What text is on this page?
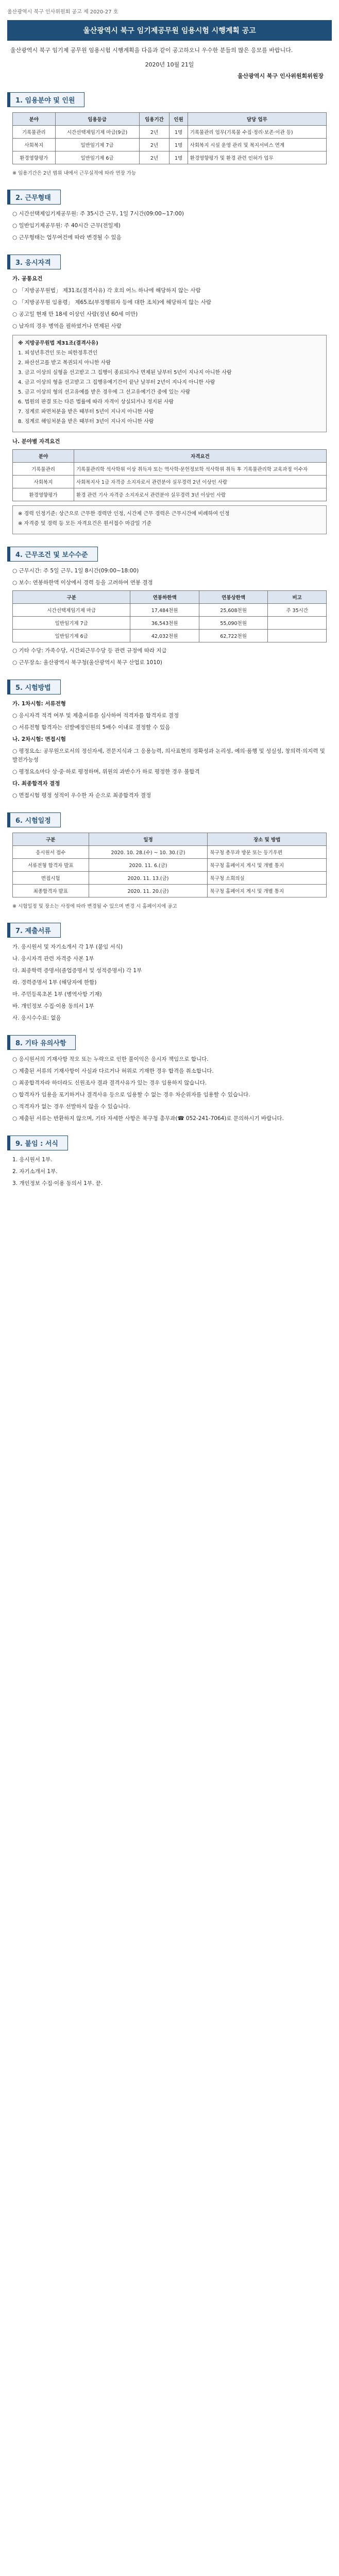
울산광역시 북구 인사위원회 공고 제 2020-27 호
울산광역시 북구 임기제공무원 임용시험 시행계획 공고
울산광역시 북구 임기제 공무원 임용시험 시행계획을 다음과 같이 공고하오니 우수한 분들의 많은 응모를 바랍니다.
2020년 10월 21일
울산광역시 북구 인사위원회위원장
1. 임용분야 및 인원
분야	임용등급	임용기간	인원	담당 업무
기록물관리	시간선택제임기제 마급(9급)	2년	1명	기록물관리 업무(기록물 수집·정리·보존·이관 등)
사회복지	일반임기제 7급	2년	1명	사회복지 시설 운영 관리 및 복지서비스 연계
환경영향평가	일반임기제 6급	2년	1명	환경영향평가 및 환경 관련 인허가 업무
※ 임용기간은 2년 범위 내에서 근무실적에 따라 연장 가능
2. 근무형태

○ 시간선택제임기제공무원: 주 35시간 근무, 1일 7시간(09:00~17:00)

○ 일반임기제공무원: 주 40시간 근무(전일제)

○ 근무형태는 업무여건에 따라 변경될 수 있음

3. 응시자격

가. 공통요건

○ 「지방공무원법」 제31조(결격사유) 각 호의 어느 하나에 해당하지 않는 사람

○ 「지방공무원 임용령」 제65조(부정행위자 등에 대한 조치)에 해당하지 않는 사람

○ 공고일 현재 만 18세 이상인 사람(정년 60세 미만)

○ 남자의 경우 병역을 필하였거나 면제된 사람

※ 지방공무원법 제31조(결격사유)
1. 피성년후견인 또는 피한정후견인
2. 파산선고를 받고 복권되지 아니한 사람
3. 금고 이상의 실형을 선고받고 그 집행이 종료되거나 면제된 날부터 5년이 지나지 아니한 사람
4. 금고 이상의 형을 선고받고 그 집행유예기간이 끝난 날부터 2년이 지나지 아니한 사람
5. 금고 이상의 형의 선고유예를 받은 경우에 그 선고유예기간 중에 있는 사람
6. 법원의 판결 또는 다른 법률에 따라 자격이 상실되거나 정지된 사람
7. 징계로 파면처분을 받은 때부터 5년이 지나지 아니한 사람
8. 징계로 해임처분을 받은 때부터 3년이 지나지 아니한 사람

나. 분야별 자격요건

분야	자격요건
기록물관리	기록물관리학 석사학위 이상 취득자 또는 역사학·문헌정보학 석사학위 취득 후 기록물관리학 교육과정 이수자
사회복지	사회복지사 1급 자격증 소지자로서 관련분야 실무경력 2년 이상인 사람
환경영향평가	환경 관련 기사 자격증 소지자로서 관련분야 실무경력 3년 이상인 사람
※ 경력 인정기준: 상근으로 근무한 경력만 인정, 시간제 근무 경력은 근무시간에 비례하여 인정
※ 자격증 및 경력 등 모든 자격요건은 원서접수 마감일 기준
4. 근무조건 및 보수수준

○ 근무시간: 주 5일 근무, 1일 8시간(09:00~18:00)

○ 보수: 연봉하한액 이상에서 경력 등을 고려하여 연봉 결정

구분	연봉하한액	연봉상한액	비고
시간선택제임기제 마급	17,484천원	25,608천원	주 35시간
일반임기제 7급	36,543천원	55,090천원	
일반임기제 6급	42,032천원	62,722천원	

○ 기타 수당: 가족수당, 시간외근무수당 등 관련 규정에 따라 지급

○ 근무장소: 울산광역시 북구청(울산광역시 북구 산업로 1010)

5. 시험방법

가. 1차시험: 서류전형

○ 응시자격 적격 여부 및 제출서류를 심사하여 적격자를 합격자로 결정

○ 서류전형 합격자는 선발예정인원의 5배수 이내로 결정할 수 있음

나. 2차시험: 면접시험

○ 평정요소: 공무원으로서의 정신자세, 전문지식과 그 응용능력, 의사표현의 정확성과 논리성, 예의·품행 및 성실성, 창의력·의지력 및 발전가능성

○ 평정요소마다 상·중·하로 평정하며, 위원의 과반수가 하로 평정한 경우 불합격

다. 최종합격자 결정

○ 면접시험 평정 성적이 우수한 자 순으로 최종합격자 결정

6. 시험일정
구분	일정	장소 및 방법
응시원서 접수	2020. 10. 28.(수) ~ 10. 30.(금)	북구청 총무과 방문 또는 등기우편
서류전형 합격자 발표	2020. 11. 6.(금)	북구청 홈페이지 게시 및 개별 통지
면접시험	2020. 11. 13.(금)	북구청 소회의실
최종합격자 발표	2020. 11. 20.(금)	북구청 홈페이지 게시 및 개별 통지
※ 시험일정 및 장소는 사정에 따라 변경될 수 있으며 변경 시 홈페이지에 공고
7. 제출서류

가. 응시원서 및 자기소개서 각 1부 (붙임 서식)

나. 응시자격 관련 자격증 사본 1부

다. 최종학력 증명서(졸업증명서 및 성적증명서) 각 1부

라. 경력증명서 1부 (해당자에 한함)

마. 주민등록초본 1부 (병역사항 기재)

바. 개인정보 수집·이용 동의서 1부

사. 응시수수료: 없음

8. 기타 유의사항

○ 응시원서의 기재사항 착오 또는 누락으로 인한 불이익은 응시자 책임으로 합니다.

○ 제출된 서류의 기재사항이 사실과 다르거나 허위로 기재한 경우 합격을 취소합니다.

○ 최종합격자라 하더라도 신원조사 결과 결격사유가 있는 경우 임용하지 않습니다.

○ 합격자가 임용을 포기하거나 결격사유 등으로 임용할 수 없는 경우 차순위자를 임용할 수 있습니다.

○ 적격자가 없는 경우 선발하지 않을 수 있습니다.

○ 제출된 서류는 반환하지 않으며, 기타 자세한 사항은 북구청 총무과(☎ 052-241-7064)로 문의하시기 바랍니다.

9. 붙임 : 서식

1. 응시원서 1부.

2. 자기소개서 1부.

3. 개인정보 수집·이용 동의서 1부. 끝.
